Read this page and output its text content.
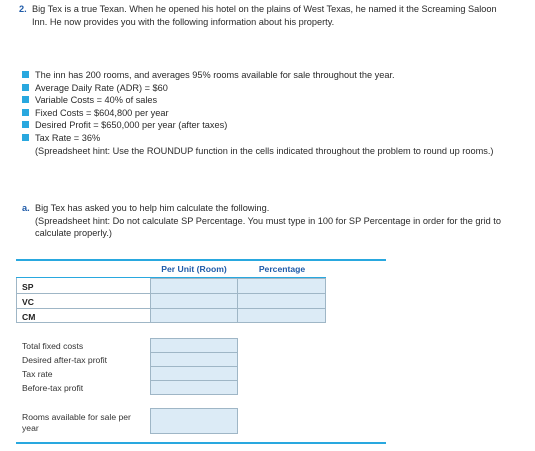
2. Big Tex is a true Texan. When he opened his hotel on the plains of West Texas, he named it the Screaming Saloon Inn. He now provides you with the following information about his property.
The inn has 200 rooms, and averages 95% rooms available for sale throughout the year.
Average Daily Rate (ADR) = $60
Variable Costs = 40% of sales
Fixed Costs = $604,800 per year
Desired Profit = $650,000 per year (after taxes)
Tax Rate = 36%
(Spreadsheet hint: Use the ROUNDUP function in the cells indicated throughout the problem to round up rooms.)
a. Big Tex has asked you to help him calculate the following.
(Spreadsheet hint: Do not calculate SP Percentage. You must type in 100 for SP Percentage in order for the grid to calculate properly.)
Per Unit (Room)	Percentage
SP
VC
CM
Total fixed costs
Desired after-tax profit
Tax rate
Before-tax profit
Rooms available for sale per year
